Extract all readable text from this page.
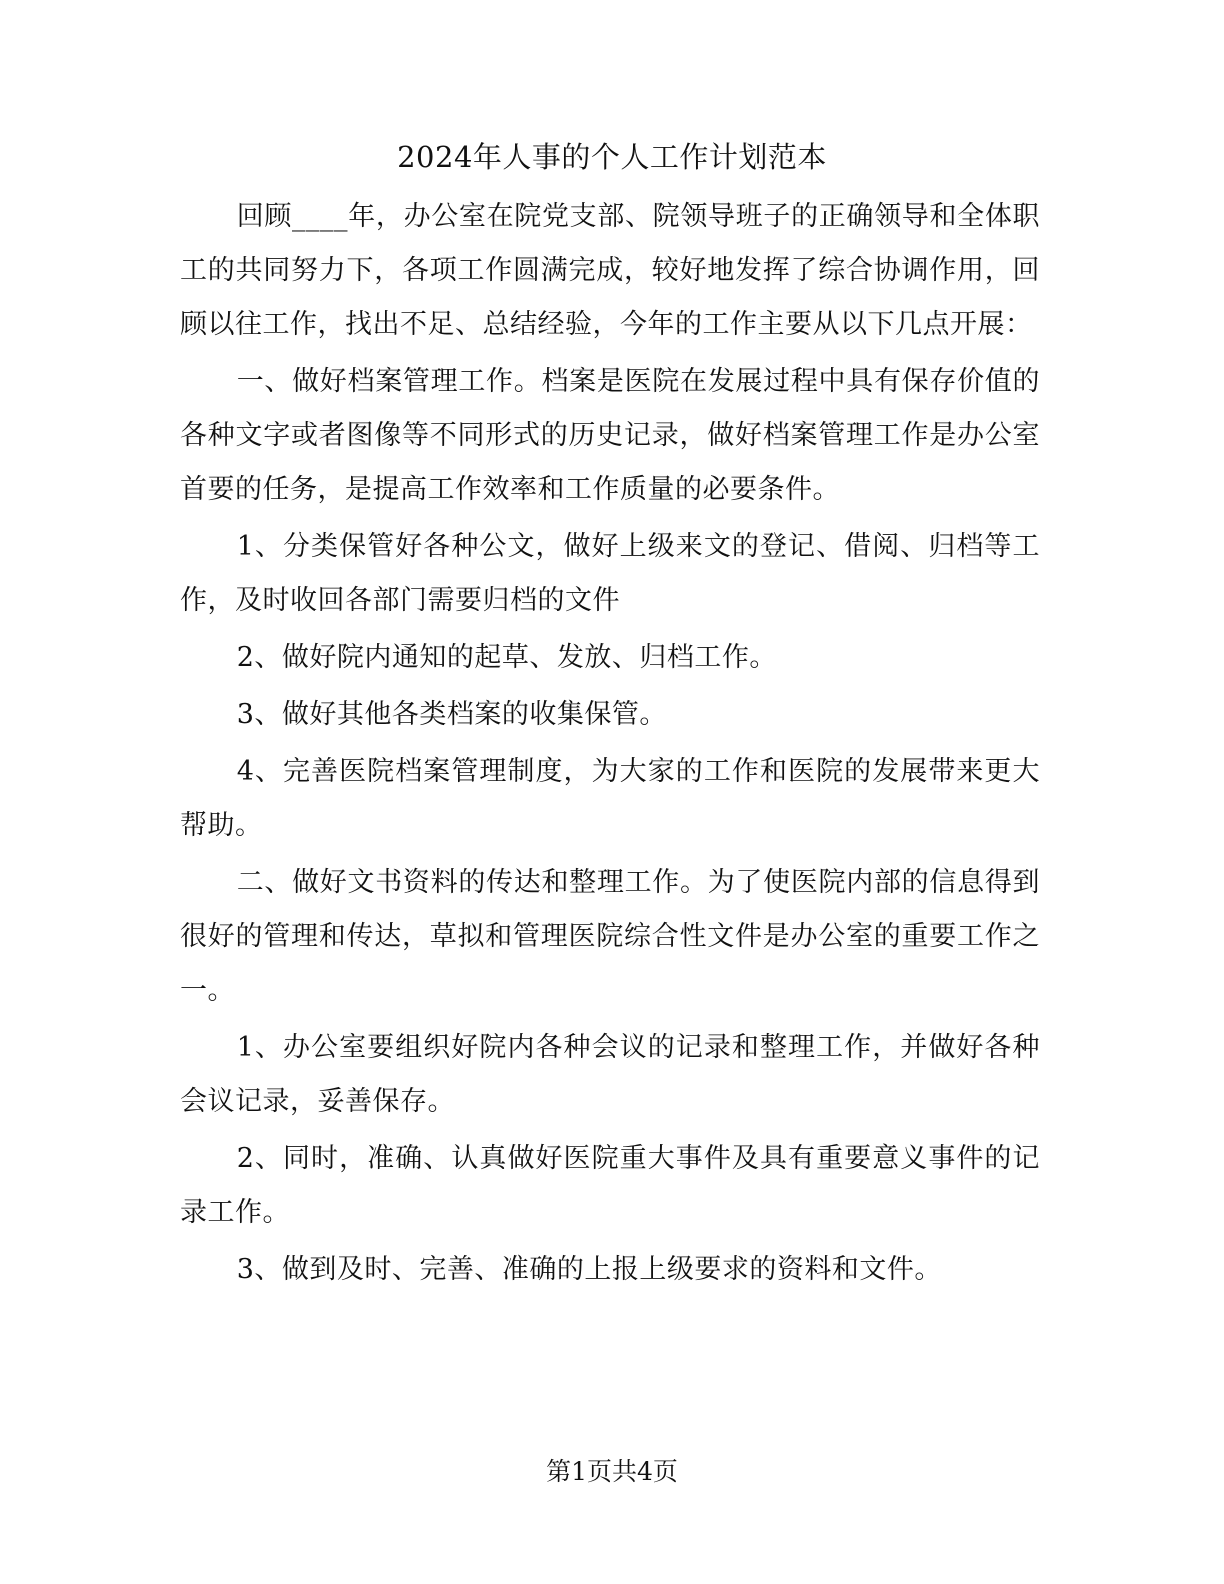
2024年人事的个人工作计划范本

回顾____年，办公室在院党支部、院领导班子的正确领导和全体职工的共同努力下，各项工作圆满完成，较好地发挥了综合协调作用，回顾以往工作，找出不足、总结经验，今年的工作主要从以下几点开展：

一、做好档案管理工作。档案是医院在发展过程中具有保存价值的各种文字或者图像等不同形式的历史记录，做好档案管理工作是办公室首要的任务，是提高工作效率和工作质量的必要条件。

1、分类保管好各种公文，做好上级来文的登记、借阅、归档等工作，及时收回各部门需要归档的文件

2、做好院内通知的起草、发放、归档工作。

3、做好其他各类档案的收集保管。

4、完善医院档案管理制度，为大家的工作和医院的发展带来更大帮助。

二、做好文书资料的传达和整理工作。为了使医院内部的信息得到很好的管理和传达，草拟和管理医院综合性文件是办公室的重要工作之一。

1、办公室要组织好院内各种会议的记录和整理工作，并做好各种会议记录，妥善保存。

2、同时，准确、认真做好医院重大事件及具有重要意义事件的记录工作。

3、做到及时、完善、准确的上报上级要求的资料和文件。

第1页共4页
